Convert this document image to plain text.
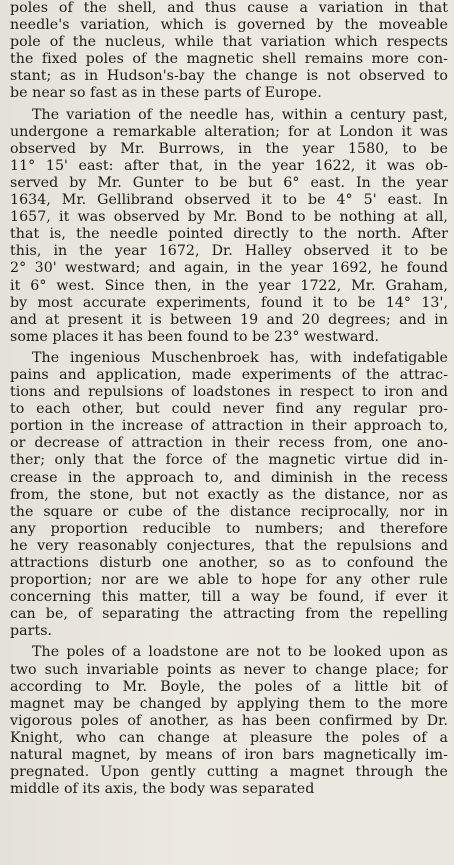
poles of the shell, and thus cause a variation in that
needle's variation, which is governed by the moveable
pole of the nucleus, while that variation which respects
the fixed poles of the magnetic shell remains more con-
stant; as in Hudson's-bay the change is not observed to
be near so fast as in these parts of Europe.
The variation of the needle has, within a century past,
undergone a remarkable alteration; for at London it was
observed by Mr. Burrows, in the year 1580, to be
11° 15' east: after that, in the year 1622, it was ob-
served by Mr. Gunter to be but 6° east. In the year
1634, Mr. Gellibrand observed it to be 4° 5' east. In
1657, it was observed by Mr. Bond to be nothing at all,
that is, the needle pointed directly to the north. After
this, in the year 1672, Dr. Halley observed it to be
2° 30' westward; and again, in the year 1692, he found
it 6° west. Since then, in the year 1722, Mr. Graham,
by most accurate experiments, found it to be 14° 13',
and at present it is between 19 and 20 degrees; and in
some places it has been found to be 23° westward.
The ingenious Muschenbroek has, with indefatigable
pains and application, made experiments of the attrac-
tions and repulsions of loadstones in respect to iron and
to each other, but could never find any regular pro-
portion in the increase of attraction in their approach to,
or decrease of attraction in their recess from, one ano-
ther; only that the force of the magnetic virtue did in-
crease in the approach to, and diminish in the recess
from, the stone, but not exactly as the distance, nor as
the square or cube of the distance reciprocally, nor in
any proportion reducible to numbers; and therefore
he very reasonably conjectures, that the repulsions and
attractions disturb one another, so as to confound the
proportion; nor are we able to hope for any other rule
concerning this matter, till a way be found, if ever it
can be, of separating the attracting from the repelling
parts.
The poles of a loadstone are not to be looked upon as
two such invariable points as never to change place; for
according to Mr. Boyle, the poles of a little bit of
magnet may be changed by applying them to the more
vigorous poles of another, as has been confirmed by Dr.
Knight, who can change at pleasure the poles of a
natural magnet, by means of iron bars magnetically im-
pregnated. Upon gently cutting a magnet through the
middle of its axis, the body was separated
